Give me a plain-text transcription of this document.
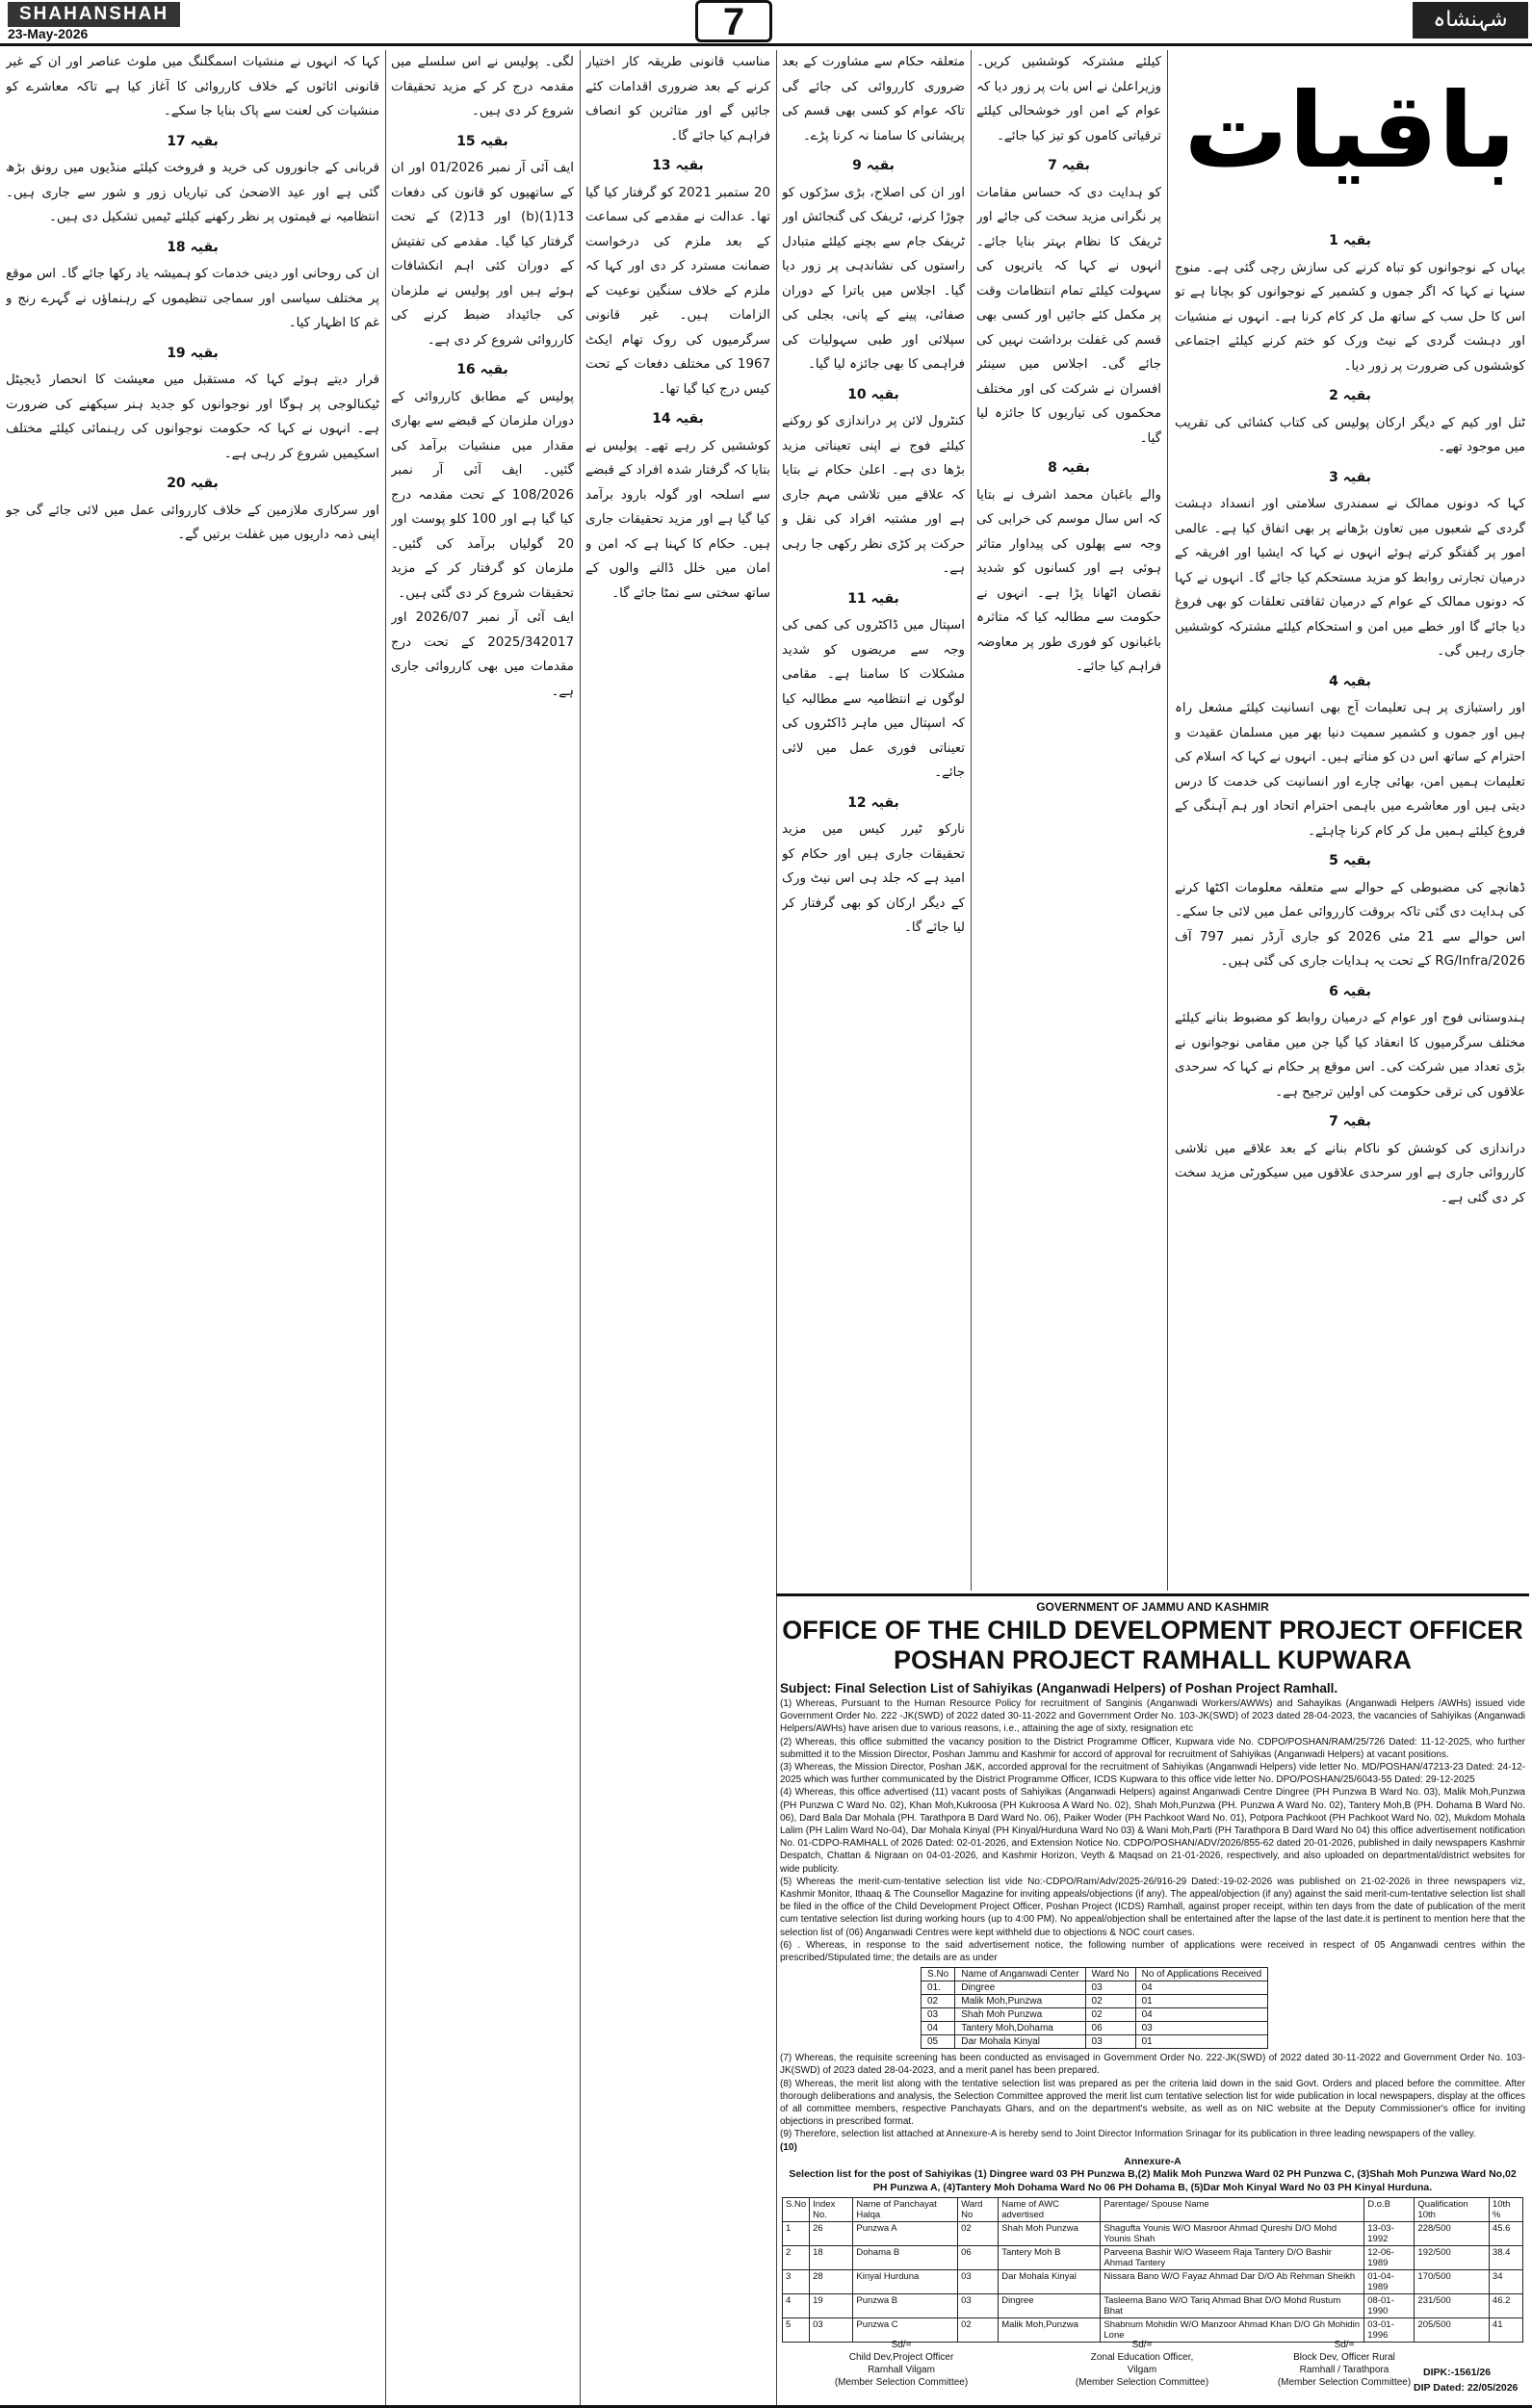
SHAHANSHAH
23-May-2026	7	شہنشاہ
باقیات
بقیہ 1

یہاں کے نوجوانوں کو تباہ کرنے کی سازش رچی گئی ہے۔ منوج سنہا نے کہا کہ اگر جموں و کشمیر کے نوجوانوں کو بچانا ہے تو اس کا حل سب کے ساتھ مل کر کام کرنا ہے۔ انہوں نے منشیات اور دہشت گردی کے نیٹ ورک کو ختم کرنے کیلئے اجتماعی کوششوں کی ضرورت پر زور دیا۔

بقیہ 2

ٹنل اور کیم کے دیگر ارکان پولیس کی کتاب کشائی کی تقریب میں موجود تھے۔

بقیہ 3

کہا کہ دونوں ممالک نے سمندری سلامتی اور انسداد دہشت گردی کے شعبوں میں تعاون بڑھانے پر بھی اتفاق کیا ہے۔ عالمی امور پر گفتگو کرتے ہوئے انہوں نے کہا کہ ایشیا اور افریقہ کے درمیان تجارتی روابط کو مزید مستحکم کیا جائے گا۔ انہوں نے کہا کہ دونوں ممالک کے عوام کے درمیان ثقافتی تعلقات کو بھی فروغ دیا جائے گا اور خطے میں امن و استحکام کیلئے مشترکہ کوششیں جاری رہیں گی۔

بقیہ 4

اور راستبازی پر ہی تعلیمات آج بھی انسانیت کیلئے مشعل راہ ہیں اور جموں و کشمیر سمیت دنیا بھر میں مسلمان عقیدت و احترام کے ساتھ اس دن کو مناتے ہیں۔ انہوں نے کہا کہ اسلام کی تعلیمات ہمیں امن، بھائی چارے اور انسانیت کی خدمت کا درس دیتی ہیں اور معاشرے میں باہمی احترام اتحاد اور ہم آہنگی کے فروغ کیلئے ہمیں مل کر کام کرنا چاہئے۔

بقیہ 5

ڈھانچے کی مضبوطی کے حوالے سے متعلقہ معلومات اکٹھا کرنے کی ہدایت دی گئی تاکہ بروقت کارروائی عمل میں لائی جا سکے۔ اس حوالے سے 21 مئی 2026 کو جاری آرڈر نمبر 797 آف RG/Infra/2026 کے تحت یہ ہدایات جاری کی گئی ہیں۔

بقیہ 6

ہندوستانی فوج اور عوام کے درمیان روابط کو مضبوط بنانے کیلئے مختلف سرگرمیوں کا انعقاد کیا گیا جن میں مقامی نوجوانوں نے بڑی تعداد میں شرکت کی۔ اس موقع پر حکام نے کہا کہ سرحدی علاقوں کی ترقی حکومت کی اولین ترجیح ہے۔

بقیہ 7

دراندازی کی کوشش کو ناکام بنانے کے بعد علاقے میں تلاشی کارروائی جاری ہے اور سرحدی علاقوں میں سیکورٹی مزید سخت کر دی گئی ہے۔

کیلئے مشترکہ کوششیں کریں۔ وزیراعلیٰ نے اس بات پر زور دیا کہ عوام کے امن اور خوشحالی کیلئے ترقیاتی کاموں کو تیز کیا جائے۔

بقیہ 7

کو ہدایت دی کہ حساس مقامات پر نگرانی مزید سخت کی جائے اور ٹریفک کا نظام بہتر بنایا جائے۔ انہوں نے کہا کہ یاتریوں کی سہولت کیلئے تمام انتظامات وقت پر مکمل کئے جائیں اور کسی بھی قسم کی غفلت برداشت نہیں کی جائے گی۔ اجلاس میں سینئر افسران نے شرکت کی اور مختلف محکموں کی تیاریوں کا جائزہ لیا گیا۔

بقیہ 8

والے باغبان محمد اشرف نے بتایا کہ اس سال موسم کی خرابی کی وجہ سے پھلوں کی پیداوار متاثر ہوئی ہے اور کسانوں کو شدید نقصان اٹھانا پڑا ہے۔ انہوں نے حکومت سے مطالبہ کیا کہ متاثرہ باغبانوں کو فوری طور پر معاوضہ فراہم کیا جائے۔

متعلقہ حکام سے مشاورت کے بعد ضروری کارروائی کی جائے گی تاکہ عوام کو کسی بھی قسم کی پریشانی کا سامنا نہ کرنا پڑے۔

بقیہ 9

اور ان کی اصلاح، بڑی سڑکوں کو چوڑا کرنے، ٹریفک کی گنجائش اور ٹریفک جام سے بچنے کیلئے متبادل راستوں کی نشاندہی پر زور دیا گیا۔ اجلاس میں یاترا کے دوران صفائی، پینے کے پانی، بجلی کی سپلائی اور طبی سہولیات کی فراہمی کا بھی جائزہ لیا گیا۔

بقیہ 10

کنٹرول لائن پر دراندازی کو روکنے کیلئے فوج نے اپنی تعیناتی مزید بڑھا دی ہے۔ اعلیٰ حکام نے بتایا کہ علاقے میں تلاشی مہم جاری ہے اور مشتبہ افراد کی نقل و حرکت پر کڑی نظر رکھی جا رہی ہے۔

بقیہ 11

اسپتال میں ڈاکٹروں کی کمی کی وجہ سے مریضوں کو شدید مشکلات کا سامنا ہے۔ مقامی لوگوں نے انتظامیہ سے مطالبہ کیا کہ اسپتال میں ماہر ڈاکٹروں کی تعیناتی فوری عمل میں لائی جائے۔

بقیہ 12

نارکو ٹیرر کیس میں مزید تحقیقات جاری ہیں اور حکام کو امید ہے کہ جلد ہی اس نیٹ ورک کے دیگر ارکان کو بھی گرفتار کر لیا جائے گا۔

مناسب قانونی طریقہ کار اختیار کرنے کے بعد ضروری اقدامات کئے جائیں گے اور متاثرین کو انصاف فراہم کیا جائے گا۔

بقیہ 13

20 ستمبر 2021 کو گرفتار کیا گیا تھا۔ عدالت نے مقدمے کی سماعت کے بعد ملزم کی درخواست ضمانت مسترد کر دی اور کہا کہ ملزم کے خلاف سنگین نوعیت کے الزامات ہیں۔ غیر قانونی سرگرمیوں کی روک تھام ایکٹ 1967 کی مختلف دفعات کے تحت کیس درج کیا گیا تھا۔

بقیہ 14

کوششیں کر رہے تھے۔ پولیس نے بتایا کہ گرفتار شدہ افراد کے قبضے سے اسلحہ اور گولہ بارود برآمد کیا گیا ہے اور مزید تحقیقات جاری ہیں۔ حکام کا کہنا ہے کہ امن و امان میں خلل ڈالنے والوں کے ساتھ سختی سے نمٹا جائے گا۔

لگی۔ پولیس نے اس سلسلے میں مقدمہ درج کر کے مزید تحقیقات شروع کر دی ہیں۔

بقیہ 15

ایف آئی آر نمبر 01/2026 اور ان کے ساتھیوں کو قانون کی دفعات 13(1)(b) اور 13(2) کے تحت گرفتار کیا گیا۔ مقدمے کی تفتیش کے دوران کئی اہم انکشافات ہوئے ہیں اور پولیس نے ملزمان کی جائیداد ضبط کرنے کی کارروائی شروع کر دی ہے۔

بقیہ 16

پولیس کے مطابق کارروائی کے دوران ملزمان کے قبضے سے بھاری مقدار میں منشیات برآمد کی گئیں۔ ایف آئی آر نمبر 108/2026 کے تحت مقدمہ درج کیا گیا ہے اور 100 کلو پوست اور 20 گولیاں برآمد کی گئیں۔ ملزمان کو گرفتار کر کے مزید تحقیقات شروع کر دی گئی ہیں۔

ایف آئی آر نمبر 2026/07 اور 2025/342017 کے تحت درج مقدمات میں بھی کارروائی جاری ہے۔

کہا کہ انہوں نے منشیات اسمگلنگ میں ملوث عناصر اور ان کے غیر قانونی اثاثوں کے خلاف کارروائی کا آغاز کیا ہے تاکہ معاشرے کو منشیات کی لعنت سے پاک بنایا جا سکے۔

بقیہ 17

قربانی کے جانوروں کی خرید و فروخت کیلئے منڈیوں میں رونق بڑھ گئی ہے اور عید الاضحیٰ کی تیاریاں زور و شور سے جاری ہیں۔ انتظامیہ نے قیمتوں پر نظر رکھنے کیلئے ٹیمیں تشکیل دی ہیں۔

بقیہ 18

ان کی روحانی اور دینی خدمات کو ہمیشہ یاد رکھا جائے گا۔ اس موقع پر مختلف سیاسی اور سماجی تنظیموں کے رہنماؤں نے گہرے رنج و غم کا اظہار کیا۔

بقیہ 19

قرار دیتے ہوئے کہا کہ مستقبل میں معیشت کا انحصار ڈیجیٹل ٹیکنالوجی پر ہوگا اور نوجوانوں کو جدید ہنر سیکھنے کی ضرورت ہے۔ انہوں نے کہا کہ حکومت نوجوانوں کی رہنمائی کیلئے مختلف اسکیمیں شروع کر رہی ہے۔

بقیہ 20

اور سرکاری ملازمین کے خلاف کارروائی عمل میں لائی جائے گی جو اپنی ذمہ داریوں میں غفلت برتیں گے۔

GOVERNMENT OF JAMMU AND KASHMIR
OFFICE OF THE CHILD DEVELOPMENT PROJECT OFFICER POSHAN PROJECT RAMHALL KUPWARA
Subject: Final Selection List of Sahiyikas (Anganwadi Helpers) of Poshan Project Ramhall.
(1) Whereas, Pursuant to the Human Resource Policy for recruitment of Sanginis (Anganwadi Workers/AWWs) and Sahayikas (Anganwadi Helpers /AWHs) issued vide Government Order No. 222 -JK(SWD) of 2022 dated 30-11-2022 and Government Order No. 103-JK(SWD) of 2023 dated 28-04-2023, the vacancies of Sahiyikas (Anganwadi Helpers/AWHs) have arisen due to various reasons, i.e., attaining the age of sixty, resignation etc
(2) Whereas, this office submitted the vacancy position to the District Programme Officer, Kupwara vide No. CDPO/POSHAN/RAM/25/726 Dated: 11-12-2025, who further submitted it to the Mission Director, Poshan Jammu and Kashmir for accord of approval for recruitment of Sahiyikas (Anganwadi Helpers) at vacant positions.
(3) Whereas, the Mission Director, Poshan J&K, accorded approval for the recruitment of Sahiyikas (Anganwadi Helpers) vide letter No. MD/POSHAN/47213-23 Dated: 24-12-2025 which was further communicated by the District Programme Officer, ICDS Kupwara to this office vide letter No. DPO/POSHAN/25/6043-55 Dated: 29-12-2025
(4) Whereas, this office advertised (11) vacant posts of Sahiyikas (Anganwadi Helpers) against Anganwadi Centre Dingree (PH Punzwa B Ward No. 03), Malik Moh,Punzwa (PH Punzwa C Ward No. 02), Khan Moh,Kukroosa (PH Kukroosa A Ward No. 02), Shah Moh,Punzwa (PH. Punzwa A Ward No. 02), Tantery Moh,B (PH. Dohama B Ward No. 06), Dard Bala Dar Mohala (PH. Tarathpora B Dard Ward No. 06), Paiker Woder (PH Pachkoot Ward No. 01), Potpora Pachkoot (PH Pachkoot Ward No. 02), Mukdom Mohala Lalim (PH Lalim Ward No-04), Dar Mohala Kinyal (PH Kinyal/Hurduna Ward No 03) & Wani Moh,Parti (PH Tarathpora B Dard Ward No 04) this office advertisement notification No. 01-CDPO-RAMHALL of 2026 Dated: 02-01-2026, and Extension Notice No. CDPO/POSHAN/ADV/2026/855-62 dated 20-01-2026, published in daily newspapers Kashmir Despatch, Chattan & Nigraan on 04-01-2026, and Kashmir Horizon, Veyth & Maqsad on 21-01-2026, respectively, and also uploaded on departmental/district websites for wide publicity.
(5) Whereas the merit-cum-tentative selection list vide No:-CDPO/Ram/Adv/2025-26/916-29 Dated:-19-02-2026 was published on 21-02-2026 in three newspapers viz, Kashmir Monitor, Ithaaq & The Counsellor Magazine for inviting appeals/objections (if any). The appeal/objection (if any) against the said merit-cum-tentative selection list shall be filed in the office of the Child Development Project Officer, Poshan Project (ICDS) Ramhall, against proper receipt, within ten days from the date of publication of the merit cum tentative selection list during working hours (up to 4:00 PM). No appeal/objection shall be entertained after the lapse of the last date.it is pertinent to mention here that the selection list of (06) Anganwadi Centres were kept withheld due to objections & NOC court cases.
(6) . Whereas, in response to the said advertisement notice, the following number of applications were received in respect of 05 Anganwadi centres within the prescribed/Stipulated time; the details are as under
S.No	Name of Anganwadi Center	Ward No	No of Applications Received
01.	Dingree	03	04
02	Malik Moh,Punzwa	02	01
03	Shah Moh Punzwa	02	04
04	Tantery Moh,Dohama	06	03
05	Dar Mohala Kinyal	03	01
(7) Whereas, the requisite screening has been conducted as envisaged in Government Order No. 222-JK(SWD) of 2022 dated 30-11-2022 and Government Order No. 103-JK(SWD) of 2023 dated 28-04-2023, and a merit panel has been prepared.
(8) Whereas, the merit list along with the tentative selection list was prepared as per the criteria laid down in the said Govt. Orders and placed before the committee. After thorough deliberations and analysis, the Selection Committee approved the merit list cum tentative selection list for wide publication in local newspapers, display at the offices of all committee members, respective Panchayats Ghars, and on the department's website, as well as on NIC website at the Deputy Commissioner's office for inviting objections in prescribed format.
(9) Therefore, selection list attached at Annexure-A is hereby send to Joint Director Information Srinagar for its publication in three leading newspapers of the valley.
(10)
Annexure-A
Selection list for the post of Sahiyikas (1) Dingree ward 03 PH Punzwa B,(2) Malik Moh Punzwa Ward 02 PH Punzwa C, (3)Shah Moh Punzwa Ward No,02 PH Punzwa A, (4)Tantery Moh Dohama Ward No 06 PH Dohama B, (5)Dar Moh Kinyal Ward No 03 PH Kinyal Hurduna.
S.No	Index No.	Name of Panchayat Halqa	Ward No	Name of AWC advertised	Parentage/ Spouse Name	D.o.B	Qualification 10th	10th %
1	26	Punzwa A	02	Shah Moh Punzwa	Shagufta Younis W/O Masroor Ahmad Qureshi D/O Mohd Younis Shah	13-03-1992	228/500	45.6
2	18	Dohama B	06	Tantery Moh B	Parveena Bashir W/O Waseem Raja Tantery D/O Bashir Ahmad Tantery	12-06-1989	192/500	38.4
3	28	Kinyal Hurduna	03	Dar Mohala Kinyal	Nissara Bano W/O Fayaz Ahmad Dar D/O Ab Rehman Sheikh	01-04-1989	170/500	34
4	19	Punzwa B	03	Dingree	Tasleema Bano W/O Tariq Ahmad Bhat D/O Mohd Rustum Bhat	08-01-1990	231/500	46.2
5	03	Punzwa C	02	Malik Moh,Punzwa	Shabnum Mohidin W/O Manzoor Ahmad Khan D/O Gh Mohidin Lone	03-01-1996	205/500	41
Sd/=
Child Dev,Project Officer
Ramhall Vilgam
(Member Selection Committee)
Sd/=
Zonal Education Officer,
Vilgam
(Member Selection Committee)
Sd/=
Block Dev, Officer Rural
Ramhall / Tarathpora
(Member Selection Committee)
DIPK:-1561/26
DIP Dated: 22/05/2026
